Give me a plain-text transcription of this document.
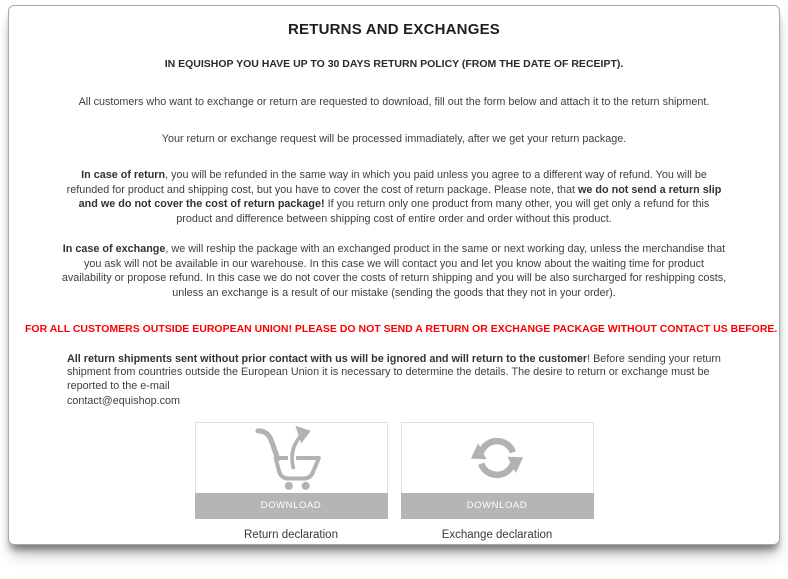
RETURNS AND EXCHANGES

IN EQUISHOP YOU HAVE UP TO 30 DAYS RETURN POLICY (FROM THE DATE OF RECEIPT).

All customers who want to exchange or return are requested to download, fill out the form below and attach it to the return shipment.

Your return or exchange request will be processed immadiately, after we get your return package.

In case of return, you will be refunded in the same way in which you paid unless you agree to a different way of refund. You will be refunded for product and shipping cost, but you have to cover the cost of return package. Please note, that we do not send a return slip and we do not cover the cost of return package! If you return only one product from many other, you will get only a refund for this product and difference between shipping cost of entire order and order without this product.

In case of exchange, we will reship the package with an exchanged product in the same or next working day, unless the merchandise that you ask will not be available in our warehouse. In this case we will contact you and let you know about the waiting time for product availability or propose refund. In this case we do not cover the costs of return shipping and you will be also surcharged for reshipping costs, unless an exchange is a result of our mistake (sending the goods that they not in your order).

FOR ALL CUSTOMERS OUTSIDE EUROPEAN UNION! PLEASE DO NOT SEND A RETURN OR EXCHANGE PACKAGE WITHOUT CONTACT US BEFORE.

All return shipments sent without prior contact with us will be ignored and will return to the customer! Before sending your return shipment from countries outside the European Union it is necessary to determine the details. The desire to return or exchange must be reported to the e-mail
contact@equishop.com

DOWNLOAD
Return declaration
DOWNLOAD
Exchange declaration
